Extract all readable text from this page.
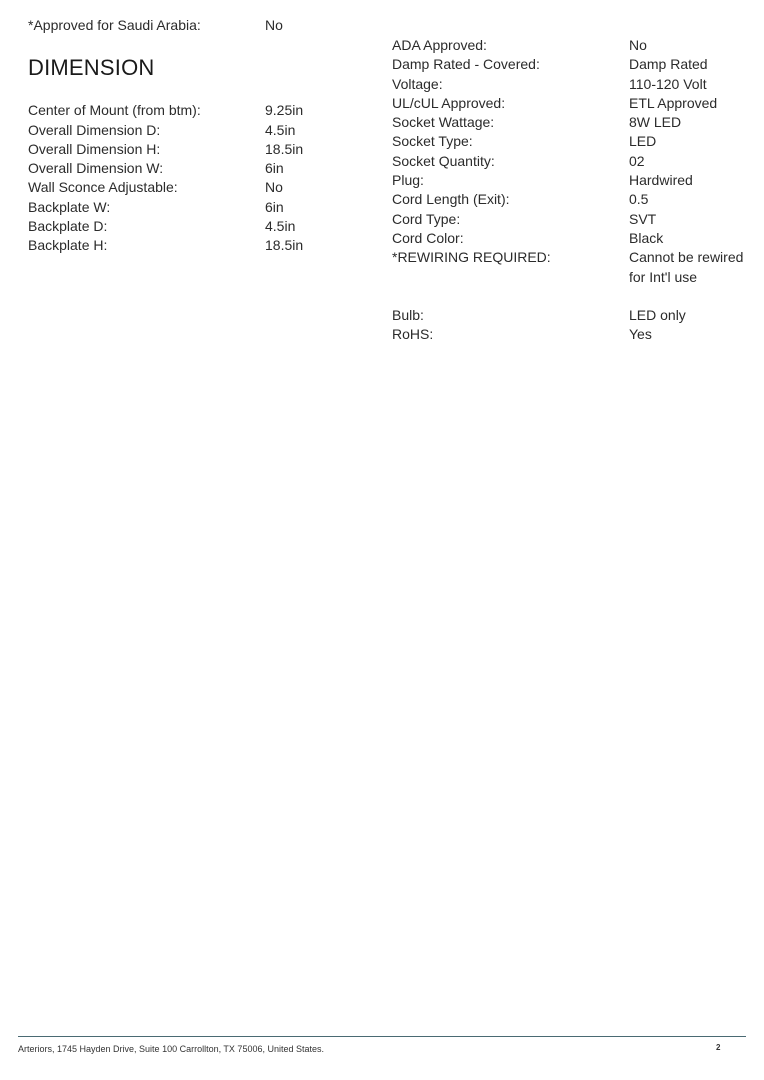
*Approved for Saudi Arabia:	No
DIMENSION
Center of Mount (from btm):	9.25in
Overall Dimension D:	4.5in
Overall Dimension H:	18.5in
Overall Dimension W:	6in
Wall Sconce Adjustable:	No
Backplate W:	6in
Backplate D:	4.5in
Backplate H:	18.5in
ADA Approved:	No
Damp Rated - Covered:	Damp Rated
Voltage:	110-120 Volt
UL/cUL Approved:	ETL Approved
Socket Wattage:	8W LED
Socket Type:	LED
Socket Quantity:	02
Plug:	Hardwired
Cord Length (Exit):	0.5
Cord Type:	SVT
Cord Color:	Black
*REWIRING REQUIRED:	Cannot be rewired for Int'l use
Bulb:	LED only
RoHS:	Yes
Arteriors, 1745 Hayden Drive, Suite 100 Carrollton, TX 75006, United States.	2
